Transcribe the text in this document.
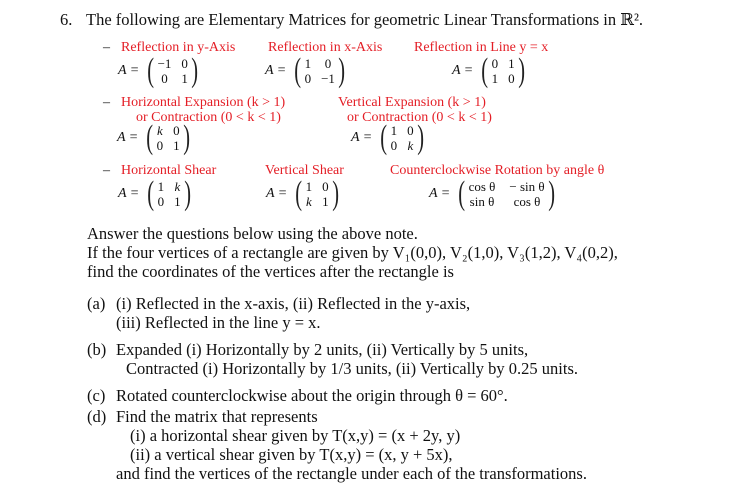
6. The following are Elementary Matrices for geometric Linear Transformations in ℝ².
– Reflection in y-Axis Reflection in x-Axis Reflection in Line y = x
A = ( −1 0
0 1 )	A = ( 1 0
0 −1 )	A = ( 0 1
1 0 )
– Horizontal Expansion (k > 1)
or Contraction (0 < k < 1)
Vertical Expansion (k > 1)
or Contraction (0 < k < 1)
A = ( k 0
0 1 )	A = ( 1 0
0 k )
– Horizontal Shear	Vertical Shear	Counterclockwise Rotation by angle θ
A = ( 1 k
0 1 )	A = ( 1 0
k 1 )	A = ( cos θ − sin θ
sin θ	cos θ )
Answer the questions below using the above note.
If the four vertices of a rectangle are given by V₁(0,0), V₂(1,0), V₃(1,2), V₄(0,2),
find the coordinates of the vertices after the rectangle is
(a) (i) Reflected in the x-axis, (ii) Reflected in the y-axis,
(iii) Reflected in the line y = x.
(b) Expanded (i) Horizontally by 2 units, (ii) Vertically by 5 units,
Contracted (i) Horizontally by 1/3 units, (ii) Vertically by 0.25 units.
(c) Rotated counterclockwise about the origin through θ = 60°.
(d) Find the matrix that represents
(i) a horizontal shear given by T(x,y) = (x + 2y, y)
(ii) a vertical shear given by T(x,y) = (x, y + 5x),
and find the vertices of the rectangle under each of the transformations.
